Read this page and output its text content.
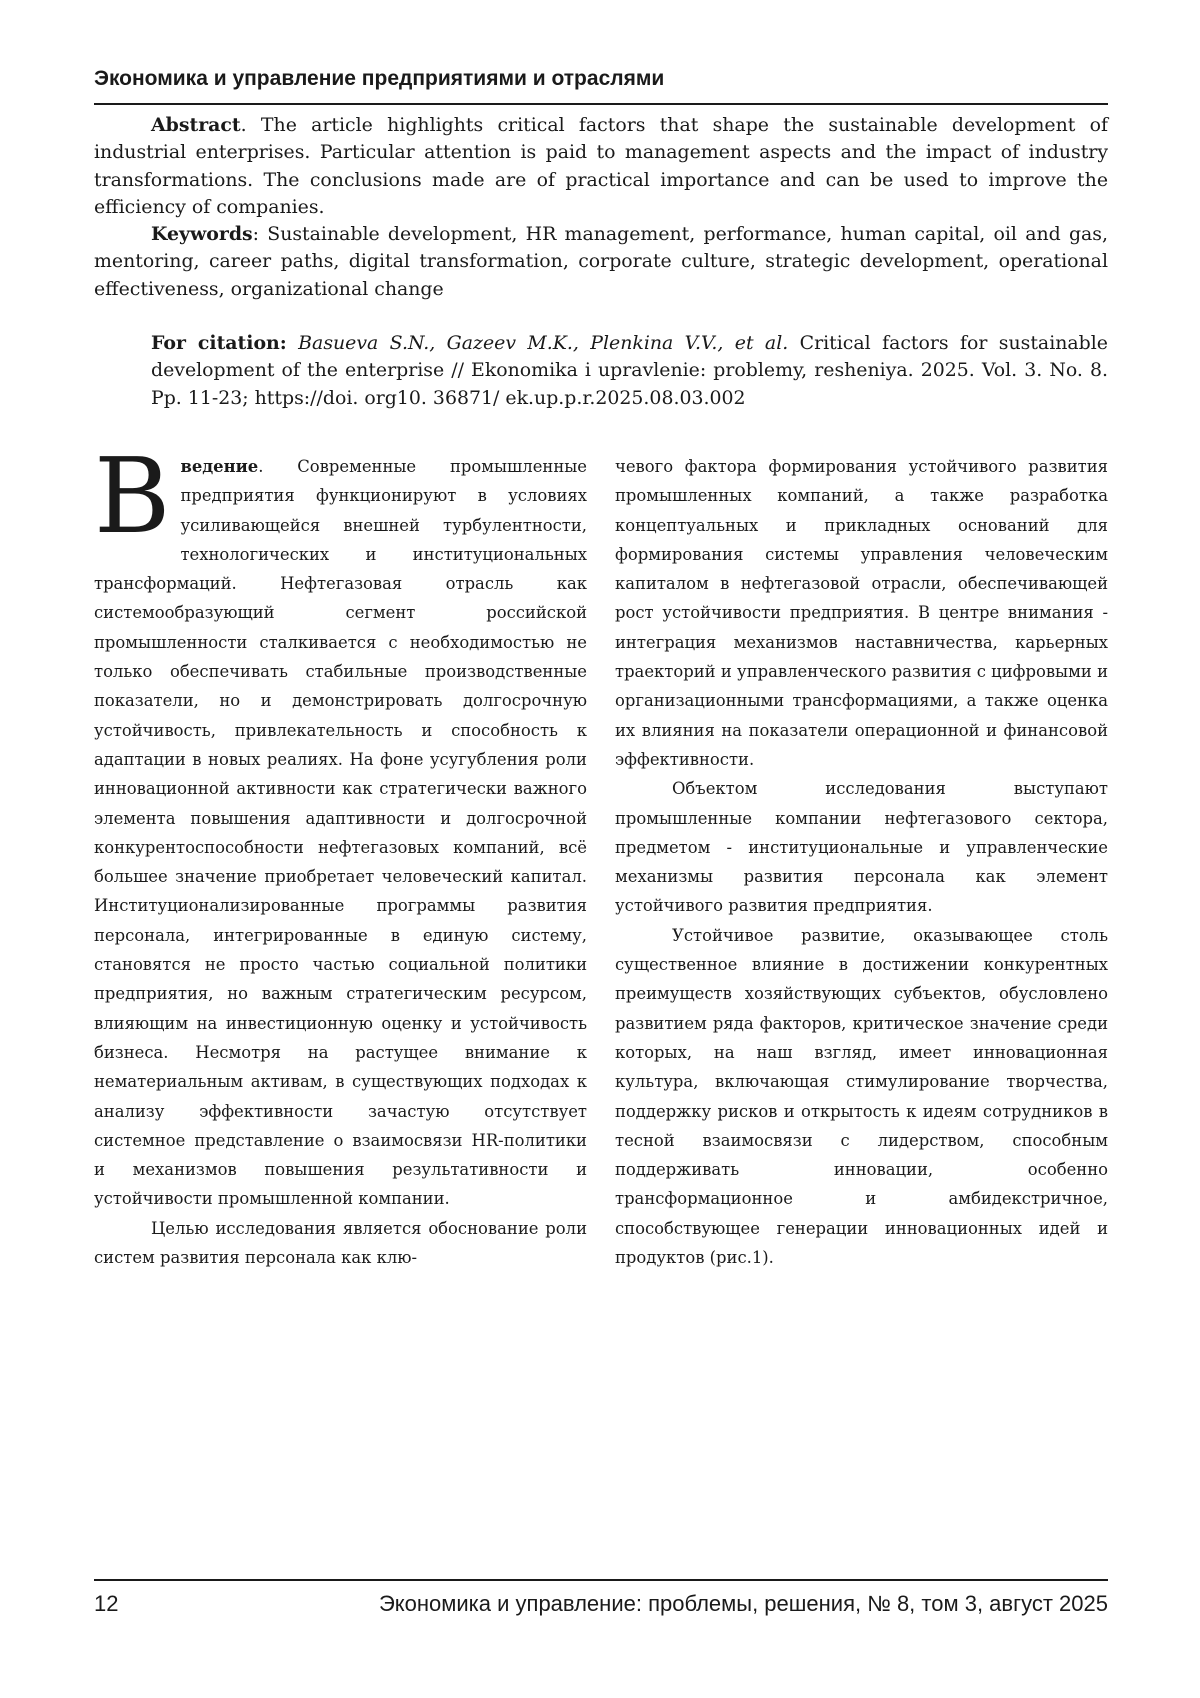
Экономика и управление предприятиями и отраслями

Abstract. The article highlights critical factors that shape the sustainable development of industrial enterprises. Particular attention is paid to management aspects and the impact of industry transformations. The conclusions made are of practical importance and can be used to improve the efficiency of companies.

Keywords: Sustainable development, HR management, performance, human capital, oil and gas, mentoring, career paths, digital transformation, corporate culture, strategic development, operational effectiveness, organizational change

For citation: Basueva S.N., Gazeev M.K., Plenkina V.V., et al. Critical factors for sustainable development of the enterprise // Ekonomika i upravlenie: problemy, resheniya. 2025. Vol. 3. No. 8. Pp. 11-23; https://doi. org10. 36871/ ek.up.p.r.2025.08.03.002

Введение. Современные промышленные предприятия функционируют в условиях усиливающейся внешней турбулентности, технологических и институциональных трансформаций. Нефтегазовая отрасль как системообразующий сегмент российской промышленности сталкивается с необходимостью не только обеспечивать стабильные производственные показатели, но и демонстрировать долгосрочную устойчивость, привлекательность и способность к адаптации в новых реалиях. На фоне усугубления роли инновационной активности как стратегически важного элемента повышения адаптивности и долгосрочной конкурентоспособности нефтегазовых компаний, всё большее значение приобретает человеческий капитал. Институционализированные программы развития персонала, интегрированные в единую систему, становятся не просто частью социальной политики предприятия, но важным стратегическим ресурсом, влияющим на инвестиционную оценку и устойчивость бизнеса. Несмотря на растущее внимание к нематериальным активам, в существующих подходах к анализу эффективности зачастую отсутствует системное представление о взаимосвязи HR-политики и механизмов повышения результативности и устойчивости промышленной компании.

Целью исследования является обоснование роли систем развития персонала как клю-

чевого фактора формирования устойчивого развития промышленных компаний, а также разработка концептуальных и прикладных оснований для формирования системы управления человеческим капиталом в нефтегазовой отрасли, обеспечивающей рост устойчивости предприятия. В центре внимания - интеграция механизмов наставничества, карьерных траекторий и управленческого развития с цифровыми и организационными трансформациями, а также оценка их влияния на показатели операционной и финансовой эффективности.

Объектом исследования выступают промышленные компании нефтегазового сектора, предметом - институциональные и управленческие механизмы развития персонала как элемент устойчивого развития предприятия.

Устойчивое развитие, оказывающее столь существенное влияние в достижении конкурентных преимуществ хозяйствующих субъектов, обусловлено развитием ряда факторов, критическое значение среди которых, на наш взгляд, имеет инновационная культура, включающая стимулирование творчества, поддержку рисков и открытость к идеям сотрудников в тесной взаимосвязи с лидерством, способным поддерживать инновации, особенно трансформационное и амбидекстричное, способствующее генерации инновационных идей и продуктов (рис.1).

12	Экономика и управление: проблемы, решения, № 8, том 3, август 2025
